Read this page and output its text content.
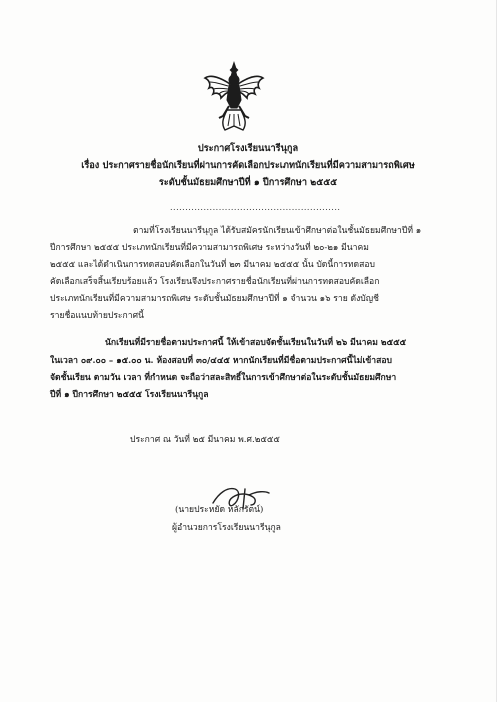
ประกาศโรงเรียนนารีนุกูล
เรื่อง ประกาศรายชื่อนักเรียนที่ผ่านการคัดเลือกประเภทนักเรียนที่มีความสามารถพิเศษ
ระดับชั้นมัธยมศึกษาปีที่ ๑ ปีการศึกษา ๒๕๕๕
........................................................
ตามที่โรงเรียนนารีนุกูล ได้รับสมัครนักเรียนเข้าศึกษาต่อในชั้นมัธยมศึกษาปีที่ ๑
ปีการศึกษา ๒๕๕๕ ประเภทนักเรียนที่มีความสามารถพิเศษ ระหว่างวันที่ ๒๐-๒๑ มีนาคม
๒๕๕๕ และได้ดำเนินการทดสอบคัดเลือกในวันที่ ๒๓ มีนาคม ๒๕๕๕ นั้น บัดนี้การทดสอบ
คัดเลือกเสร็จสิ้นเรียบร้อยแล้ว โรงเรียนจึงประกาศรายชื่อนักเรียนที่ผ่านการทดสอบคัดเลือก
ประเภทนักเรียนที่มีความสามารถพิเศษ ระดับชั้นมัธยมศึกษาปีที่ ๑ จำนวน ๑๖ ราย ดังบัญชี
รายชื่อแนบท้ายประกาศนี้
นักเรียนที่มีรายชื่อตามประกาศนี้ ให้เข้าสอบจัดชั้นเรียนในวันที่ ๒๖ มีนาคม ๒๕๕๕
ในเวลา ๐๙.๐๐ – ๑๕.๐๐ น. ห้องสอบที่ ๓๐/๔๔๕ หากนักเรียนที่มีชื่อตามประกาศนี้ไม่เข้าสอบ
จัดชั้นเรียน ตามวัน เวลา ที่กำหนด จะถือว่าสละสิทธิ์ในการเข้าศึกษาต่อในระดับชั้นมัธยมศึกษา
ปีที่ ๑ ปีการศึกษา ๒๕๕๕ โรงเรียนนารีนุกูล
ประกาศ ณ วันที่ ๒๕ มีนาคม พ.ศ.๒๕๕๕
(นายประหยัด หลักรัตน์)
ผู้อำนวยการโรงเรียนนารีนุกูล
